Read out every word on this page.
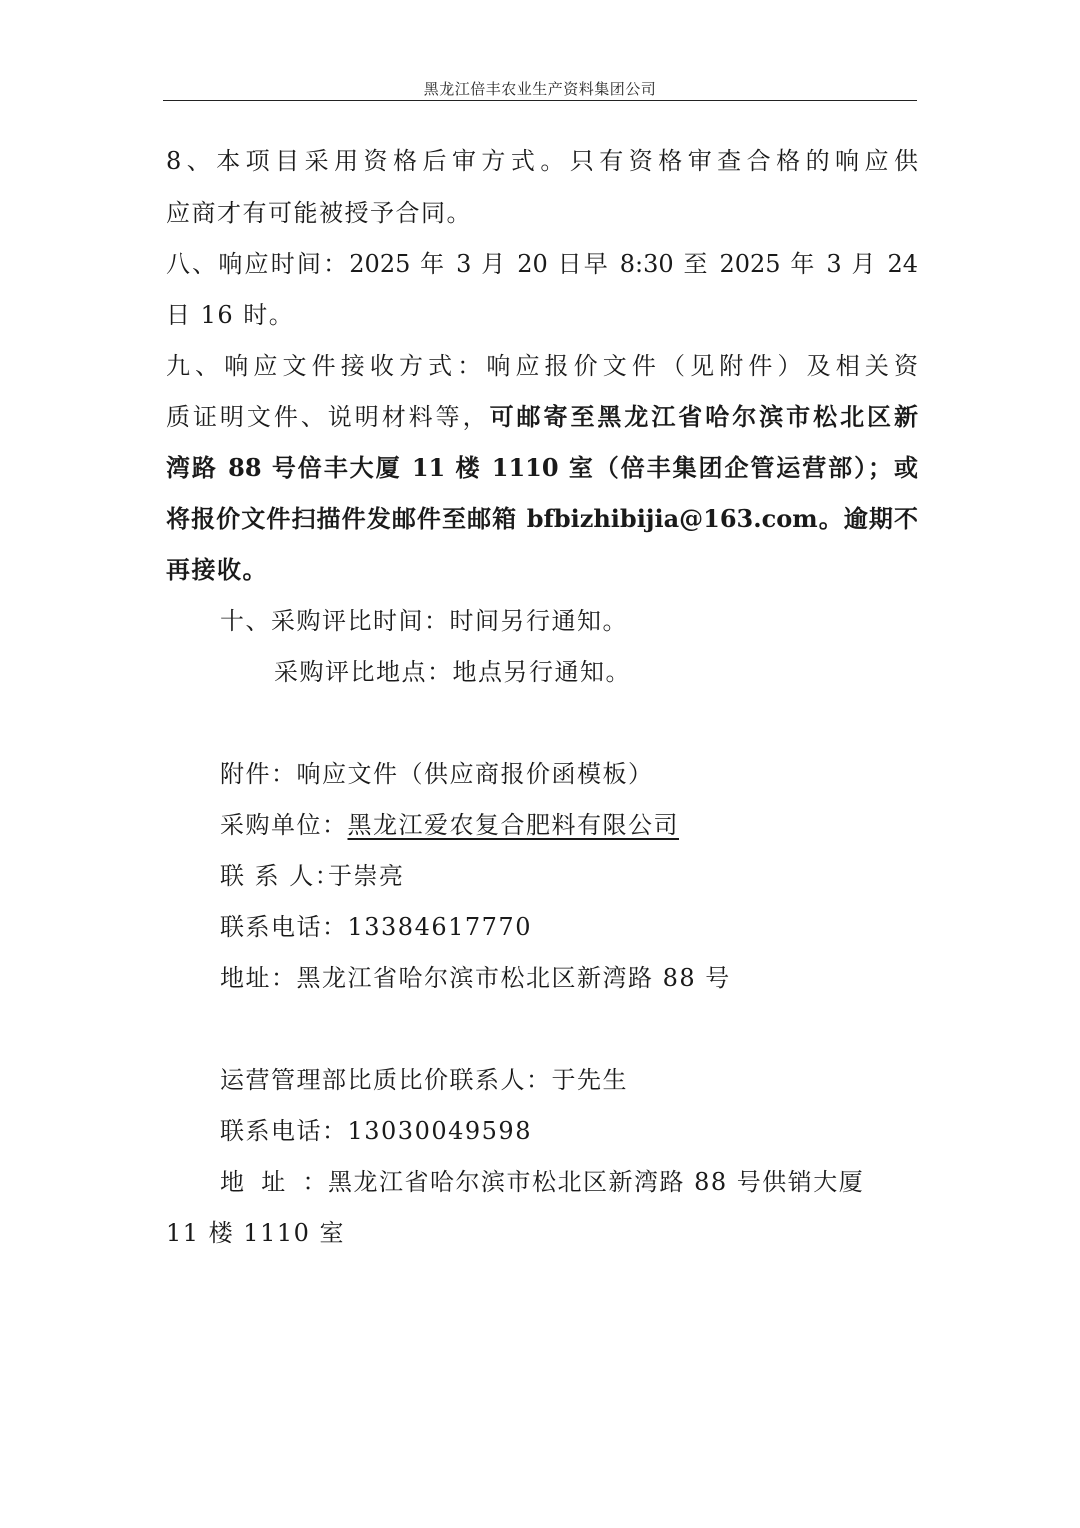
黑龙江倍丰农业生产资料集团公司
8、本项目采用资格后审方式。只有资格审查合格的响应供
应商才有可能被授予合同。
八、响应时间：2025 年 3 月 20 日早 8:30 至 2025 年 3 月 24
日 16 时。
九、响应文件接收方式：响应报价文件（见附件）及相关资
质证明文件、说明材料等，可邮寄至黑龙江省哈尔滨市松北区新
湾路 88 号倍丰大厦 11 楼 1110 室（倍丰集团企管运营部）；或
将报价文件扫描件发邮件至邮箱 bfbizhibijia@163.com。逾期不
再接收。
十、采购评比时间：时间另行通知。
采购评比地点：地点另行通知。
附件：响应文件（供应商报价函模板）
采购单位：黑龙江爱农复合肥料有限公司
联 系 人：于崇亮
联系电话：13384617770
地址：黑龙江省哈尔滨市松北区新湾路 88 号
运营管理部比质比价联系人：于先生
联系电话：13030049598
地址：黑龙江省哈尔滨市松北区新湾路 88 号供销大厦
11 楼 1110 室
